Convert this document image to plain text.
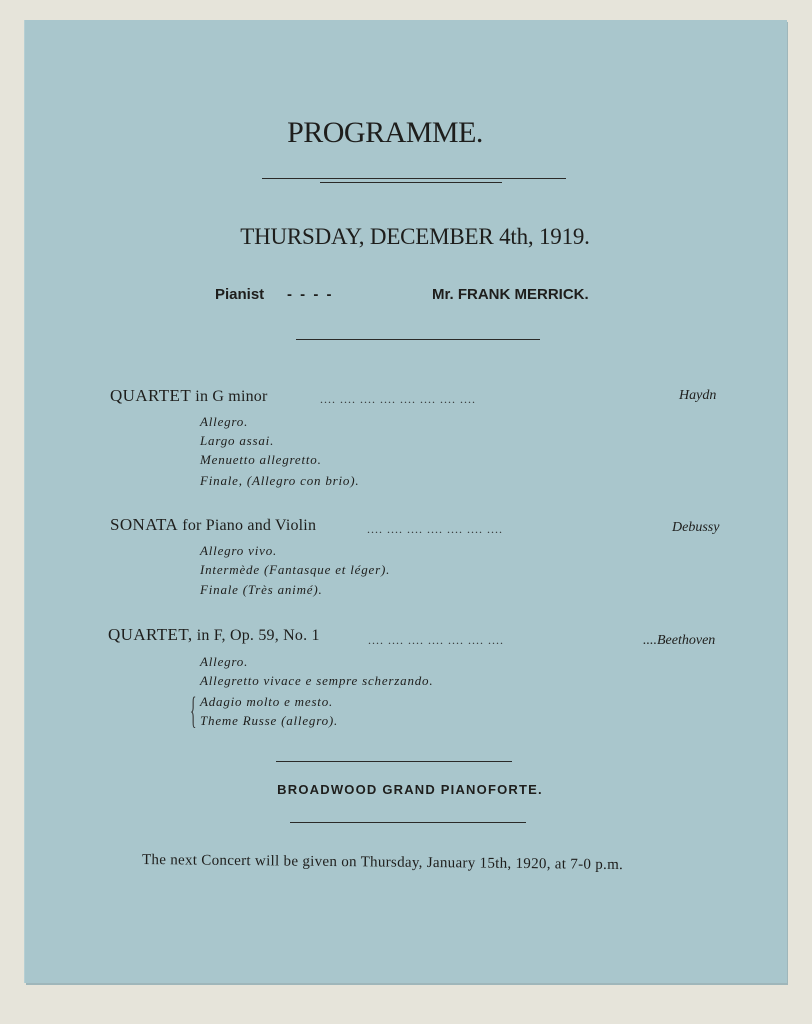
PROGRAMME.
THURSDAY, DECEMBER 4th, 1919.
Pianist - - - -	Mr. FRANK MERRICK.
QUARTET in G minor	.... .... .... .... .... .... .... ....	Haydn
Allegro.
Largo assai.
Menuetto allegretto.
Finale, (Allegro con brio).
SONATA for Piano and Violin	.... .... .... .... .... .... ....	Debussy
Allegro vivo.
Intermède (Fantasque et léger).
Finale (Très animé).
QUARTET, in F, Op. 59, No. 1	.... .... .... .... .... .... ....	....Beethoven
Allegro.
Allegretto vivace e sempre scherzando.
{ Adagio molto e mesto.
Theme Russe (allegro).
BROADWOOD GRAND PIANOFORTE.
The next Concert will be given on Thursday, January 15th, 1920, at 7-0 p.m.
